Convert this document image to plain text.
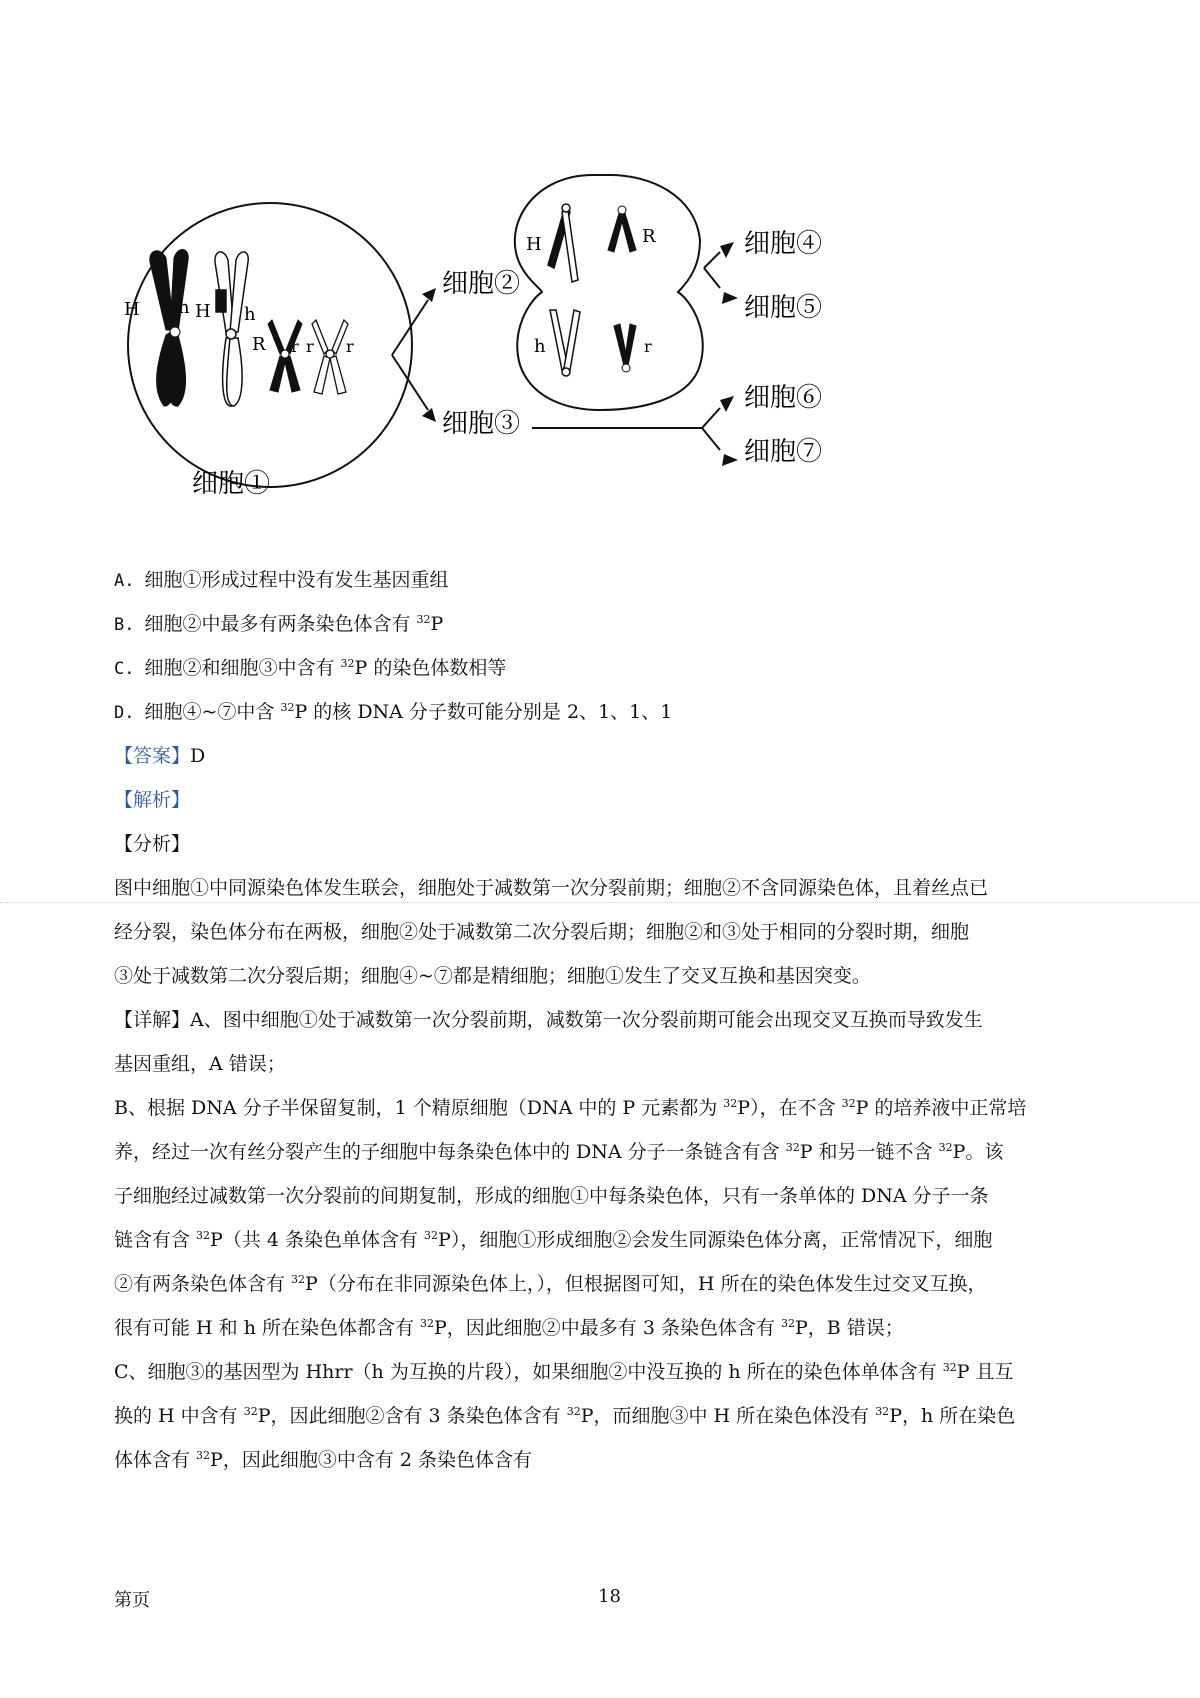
H h H h
R r r r
细胞①
细胞②
细胞③
H	R
h	r
细胞④
细胞⑤
细胞⑥
细胞⑦
A. 细胞①形成过程中没有发生基因重组
B. 细胞②中最多有两条染色体含有 $^{32}$P
C. 细胞②和细胞③中含有 $^{32}$P 的染色体数相等
D. 细胞④~⑦中含 $^{32}$P 的核 DNA 分子数可能分别是 2、1、1、1
【答案】D
【解析】
【分析】
图中细胞①中同源染色体发生联会，细胞处于减数第一次分裂前期；细胞②不含同源染色体，且着丝点已
经分裂，染色体分布在两极，细胞②处于减数第二次分裂后期；细胞②和③处于相同的分裂时期，细胞
③处于减数第二次分裂后期；细胞④~⑦都是精细胞；细胞①发生了交叉互换和基因突变。
【详解】A、图中细胞①处于减数第一次分裂前期，减数第一次分裂前期可能会出现交叉互换而导致发生
基因重组，A 错误；
B、根据 DNA 分子半保留复制，1 个精原细胞（DNA 中的 P 元素都为 $^{32}$P），在不含 $^{32}$P 的培养液中正常培
养，经过一次有丝分裂产生的子细胞中每条染色体中的 DNA 分子一条链含有含 $^{32}$P 和另一链不含 $^{32}$P。该
子细胞经过减数第一次分裂前的间期复制，形成的细胞①中每条染色体，只有一条单体的 DNA 分子一条
链含有含 $^{32}$P（共 4 条染色单体含有 $^{32}$P），细胞①形成细胞②会发生同源染色体分离，正常情况下，细胞
②有两条染色体含有 $^{32}$P（分布在非同源染色体上，），但根据图可知，H 所在的染色体发生过交叉互换，
很有可能 H 和 h 所在染色体都含有 $^{32}$P，因此细胞②中最多有 3 条染色体含有 $^{32}$P，B 错误；
C、细胞③的基因型为 Hhrr（h 为互换的片段），如果细胞②中没互换的 h 所在的染色体单体含有 $^{32}$P 且互
换的 H 中含有 $^{32}$P，因此细胞②含有 3 条染色体含有 $^{32}$P，而细胞③中 H 所在染色体没有 $^{32}$P，h 所在染色
体体含有 $^{32}$P，因此细胞③中含有 2 条染色体含有
第页	18
